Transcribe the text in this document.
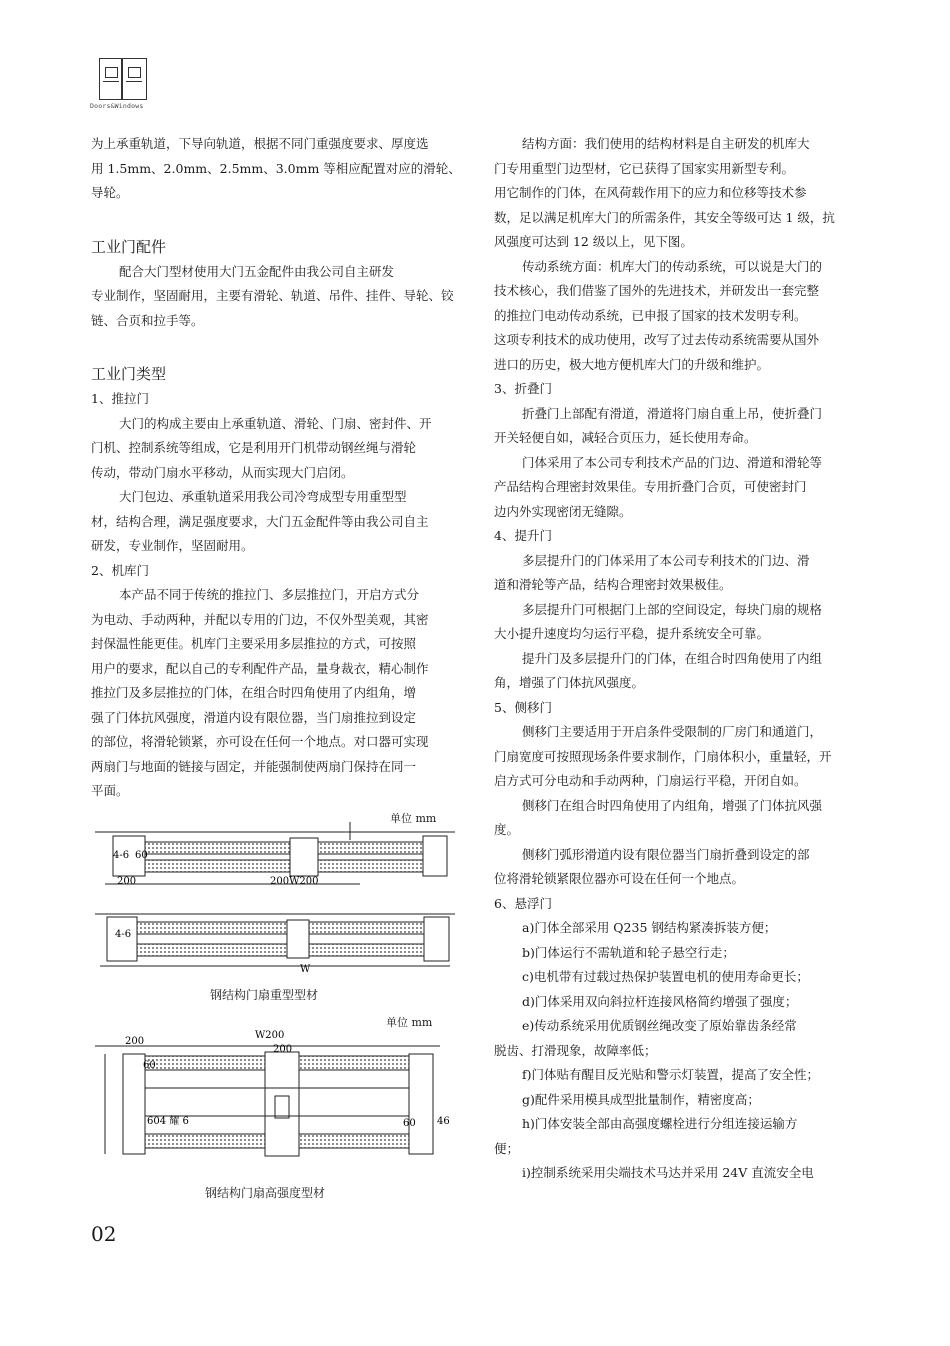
Doors&Windows

为上承重轨道，下导向轨道，根据不同门重强度要求、厚度选

用 1.5mm、2.0mm、2.5mm、3.0mm 等相应配置对应的滑轮、

导轮。

工业门配件

配合大门型材使用大门五金配件由我公司自主研发

专业制作，坚固耐用，主要有滑轮、轨道、吊件、挂件、导轮、铰

链、合页和拉手等。

工业门类型

1、推拉门

大门的构成主要由上承重轨道、滑轮、门扇、密封件、开

门机、控制系统等组成，它是利用开门机带动钢丝绳与滑轮

传动，带动门扇水平移动，从而实现大门启闭。

大门包边、承重轨道采用我公司冷弯成型专用重型型

材，结构合理，满足强度要求，大门五金配件等由我公司自主

研发，专业制作，坚固耐用。

2、机库门

本产品不同于传统的推拉门、多层推拉门，开启方式分

为电动、手动两种，并配以专用的门边，不仅外型美观，其密

封保温性能更佳。机库门主要采用多层推拉的方式，可按照

用户的要求，配以自己的专利配件产品，量身裁衣，精心制作

推拉门及多层推拉的门体，在组合时四角使用了内组角，增

强了门体抗风强度，滑道内设有限位器，当门扇推拉到设定

的部位，将滑轮锁紧，亦可设在任何一个地点。对口器可实现

两扇门与地面的链接与固定，并能强制使两扇门保持在同一

平面。

单位 mm
4-6 60
200	200W200
4-6
W
钢结构门扇重型型材
单位 mm
W200
200
200
60
604 耀 6	60 46
钢结构门扇高强度型材

结构方面：我们使用的结构材料是自主研发的机库大

门专用重型门边型材，它已获得了国家实用新型专利。

用它制作的门体，在风荷载作用下的应力和位移等技术参

数，足以满足机库大门的所需条件，其安全等级可达 1 级，抗

风强度可达到 12 级以上，见下图。

传动系统方面：机库大门的传动系统，可以说是大门的

技术核心，我们借鉴了国外的先进技术，并研发出一套完整

的推拉门电动传动系统，已申报了国家的技术发明专利。

这项专利技术的成功使用，改写了过去传动系统需要从国外

进口的历史，极大地方便机库大门的升级和维护。

3、折叠门

折叠门上部配有滑道，滑道将门扇自重上吊，使折叠门

开关轻便自如，减轻合页压力，延长使用寿命。

门体采用了本公司专利技术产品的门边、滑道和滑轮等

产品结构合理密封效果佳。专用折叠门合页，可使密封门

边内外实现密闭无缝隙。

4、提升门

多层提升门的门体采用了本公司专利技术的门边、滑

道和滑轮等产品，结构合理密封效果极佳。

多层提升门可根据门上部的空间设定，每块门扇的规格

大小提升速度均匀运行平稳，提升系统安全可靠。

提升门及多层提升门的门体，在组合时四角使用了内组

角，增强了门体抗风强度。

5、侧移门

侧移门主要适用于开启条件受限制的厂房门和通道门，

门扇宽度可按照现场条件要求制作，门扇体积小，重量轻，开

启方式可分电动和手动两种，门扇运行平稳，开闭自如。

侧移门在组合时四角使用了内组角，增强了门体抗风强

度。

侧移门弧形滑道内设有限位器当门扇折叠到设定的部

位将滑轮锁紧限位器亦可设在任何一个地点。

6、悬浮门

a)门体全部采用 Q235 钢结构紧凑拆装方便；

b)门体运行不需轨道和轮子悬空行走；

c)电机带有过载过热保护装置电机的使用寿命更长；

d)门体采用双向斜拉杆连接风格简约增强了强度；

e)传动系统采用优质钢丝绳改变了原始靠齿条经常

脱齿、打滑现象，故障率低；

f)门体贴有醒目反光贴和警示灯装置，提高了安全性；

g)配件采用模具成型批量制作，精密度高；

h)门体安装全部由高强度螺栓进行分组连接运输方

便；

i)控制系统采用尖端技术马达并采用 24V 直流安全电

02
